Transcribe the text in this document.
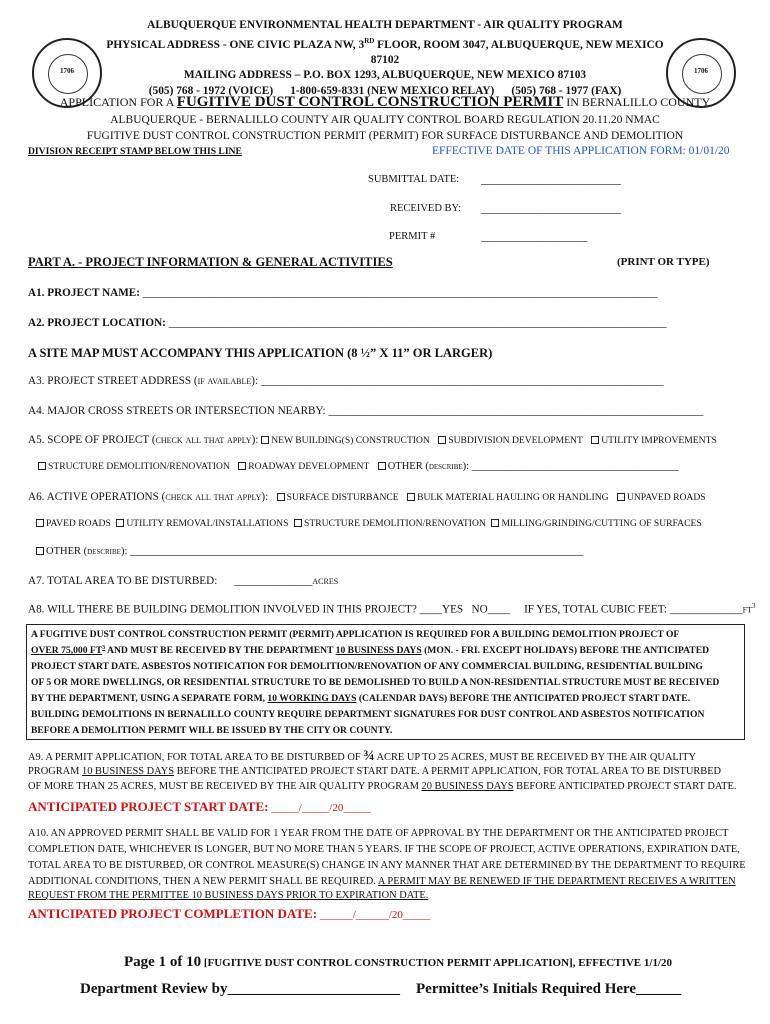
1706	1706
ALBUQUERQUE ENVIRONMENTAL HEALTH DEPARTMENT - AIR QUALITY PROGRAM
PHYSICAL ADDRESS - ONE CIVIC PLAZA NW, 3RD FLOOR, ROOM 3047, ALBUQUERQUE, NEW MEXICO 87102
MAILING ADDRESS – P.O. BOX 1293, ALBUQUERQUE, NEW MEXICO 87103
(505) 768 - 1972 (VOICE) 1-800-659-8331 (NEW MEXICO RELAY) (505) 768 - 1977 (FAX)
APPLICATION FOR A FUGITIVE DUST CONTROL CONSTRUCTION PERMIT IN BERNALILLO COUNTY
ALBUQUERQUE - BERNALILLO COUNTY AIR QUALITY CONTROL BOARD REGULATION 20.11.20 NMAC
FUGITIVE DUST CONTROL CONSTRUCTION PERMIT (PERMIT) FOR SURFACE DISTURBANCE AND DEMOLITION
DIVISION RECEIPT STAMP BELOW THIS LINE	EFFECTIVE DATE OF THIS APPLICATION FORM: 01/01/20
SUBMITTAL DATE: _________________________
RECEIVED BY: _________________________
PERMIT #	___________________
PART A. - PROJECT INFORMATION & GENERAL ACTIVITIES	(PRINT OR TYPE)
A1. PROJECT NAME: ____________________________________________________________________________________________
A2. PROJECT LOCATION: _________________________________________________________________________________________
A SITE MAP MUST ACCOMPANY THIS APPLICATION (8 ½” X 11” OR LARGER)
A3. PROJECT STREET ADDRESS (if available): ________________________________________________________________________
A4. MAJOR CROSS STREETS OR INTERSECTION NEARBY: ___________________________________________________________________
A5. SCOPE OF PROJECT (check all that apply): NEW BUILDING(S) CONSTRUCTION SUBDIVISION DEVELOPMENT UTILITY IMPROVEMENTS
STRUCTURE DEMOLITION/RENOVATION ROADWAY DEVELOPMENT OTHER (describe): _____________________________________
A6. ACTIVE OPERATIONS (check all that apply): SURFACE DISTURBANCE BULK MATERIAL HAULING OR HANDLING UNPAVED ROADS
PAVED ROADS UTILITY REMOVAL/INSTALLATIONS STRUCTURE DEMOLITION/RENOVATION MILLING/GRINDING/CUTTING OF SURFACES
OTHER (describe): _________________________________________________________________________________
A7. TOTAL AREA TO BE DISTURBED: ______________acres
A8. WILL THERE BE BUILDING DEMOLITION INVOLVED IN THIS PROJECT? ____YES NO____ IF YES, TOTAL CUBIC FEET: $\_\_\_\_\_\_\_\_\_\_\_\_\_ft^3$
A FUGITIVE DUST CONTROL CONSTRUCTION PERMIT (PERMIT) APPLICATION IS REQUIRED FOR A BUILDING DEMOLITION PROJECT OF
OVER 75,000 $FT^3$ AND MUST BE RECEIVED BY THE DEPARTMENT 10 BUSINESS DAYS (MON. - FRI. EXCEPT HOLIDAYS) BEFORE THE ANTICIPATED
PROJECT START DATE. ASBESTOS NOTIFICATION FOR DEMOLITION/RENOVATION OF ANY COMMERCIAL BUILDING, RESIDENTIAL BUILDING
OF 5 OR MORE DWELLINGS, OR RESIDENTIAL STRUCTURE TO BE DEMOLISHED TO BUILD A NON-RESIDENTIAL STRUCTURE MUST BE RECEIVED
BY THE DEPARTMENT, USING A SEPARATE FORM, 10 WORKING DAYS (CALENDAR DAYS) BEFORE THE ANTICIPATED PROJECT START DATE.
BUILDING DEMOLITIONS IN BERNALILLO COUNTY REQUIRE DEPARTMENT SIGNATURES FOR DUST CONTROL AND ASBESTOS NOTIFICATION
BEFORE A DEMOLITION PERMIT WILL BE ISSUED BY THE CITY OR COUNTY.
A9. A PERMIT APPLICATION, FOR TOTAL AREA TO BE DISTURBED OF ¾ ACRE UP TO 25 ACRES, MUST BE RECEIVED BY THE AIR QUALITY
PROGRAM 10 BUSINESS DAYS BEFORE THE ANTICIPATED PROJECT START DATE. A PERMIT APPLICATION, FOR TOTAL AREA TO BE DISTURBED
OF MORE THAN 25 ACRES, MUST BE RECEIVED BY THE AIR QUALITY PROGRAM 20 BUSINESS DAYS BEFORE ANTICIPATED PROJECT START DATE.
ANTICIPATED PROJECT START DATE: _____/_____/20_____
A10. AN APPROVED PERMIT SHALL BE VALID FOR 1 YEAR FROM THE DATE OF APPROVAL BY THE DEPARTMENT OR THE ANTICIPATED PROJECT
COMPLETION DATE, WHICHEVER IS LONGER, BUT NO MORE THAN 5 YEARS. IF THE SCOPE OF PROJECT, ACTIVE OPERATIONS, EXPIRATION DATE,
TOTAL AREA TO BE DISTURBED, OR CONTROL MEASURE(S) CHANGE IN ANY MANNER THAT ARE DETERMINED BY THE DEPARTMENT TO REQUIRE
ADDITIONAL CONDITIONS, THEN A NEW PERMIT SHALL BE REQUIRED. A PERMIT MAY BE RENEWED IF THE DEPARTMENT RECEIVES A WRITTEN
REQUEST FROM THE PERMITTEE 10 BUSINESS DAYS PRIOR TO EXPIRATION DATE.
ANTICIPATED PROJECT COMPLETION DATE: ______/______/20_____
Page 1 of 10 [FUGITIVE DUST CONTROL CONSTRUCTION PERMIT APPLICATION], EFFECTIVE 1/1/20
Department Review by_______________________ Permittee’s Initials Required Here______
